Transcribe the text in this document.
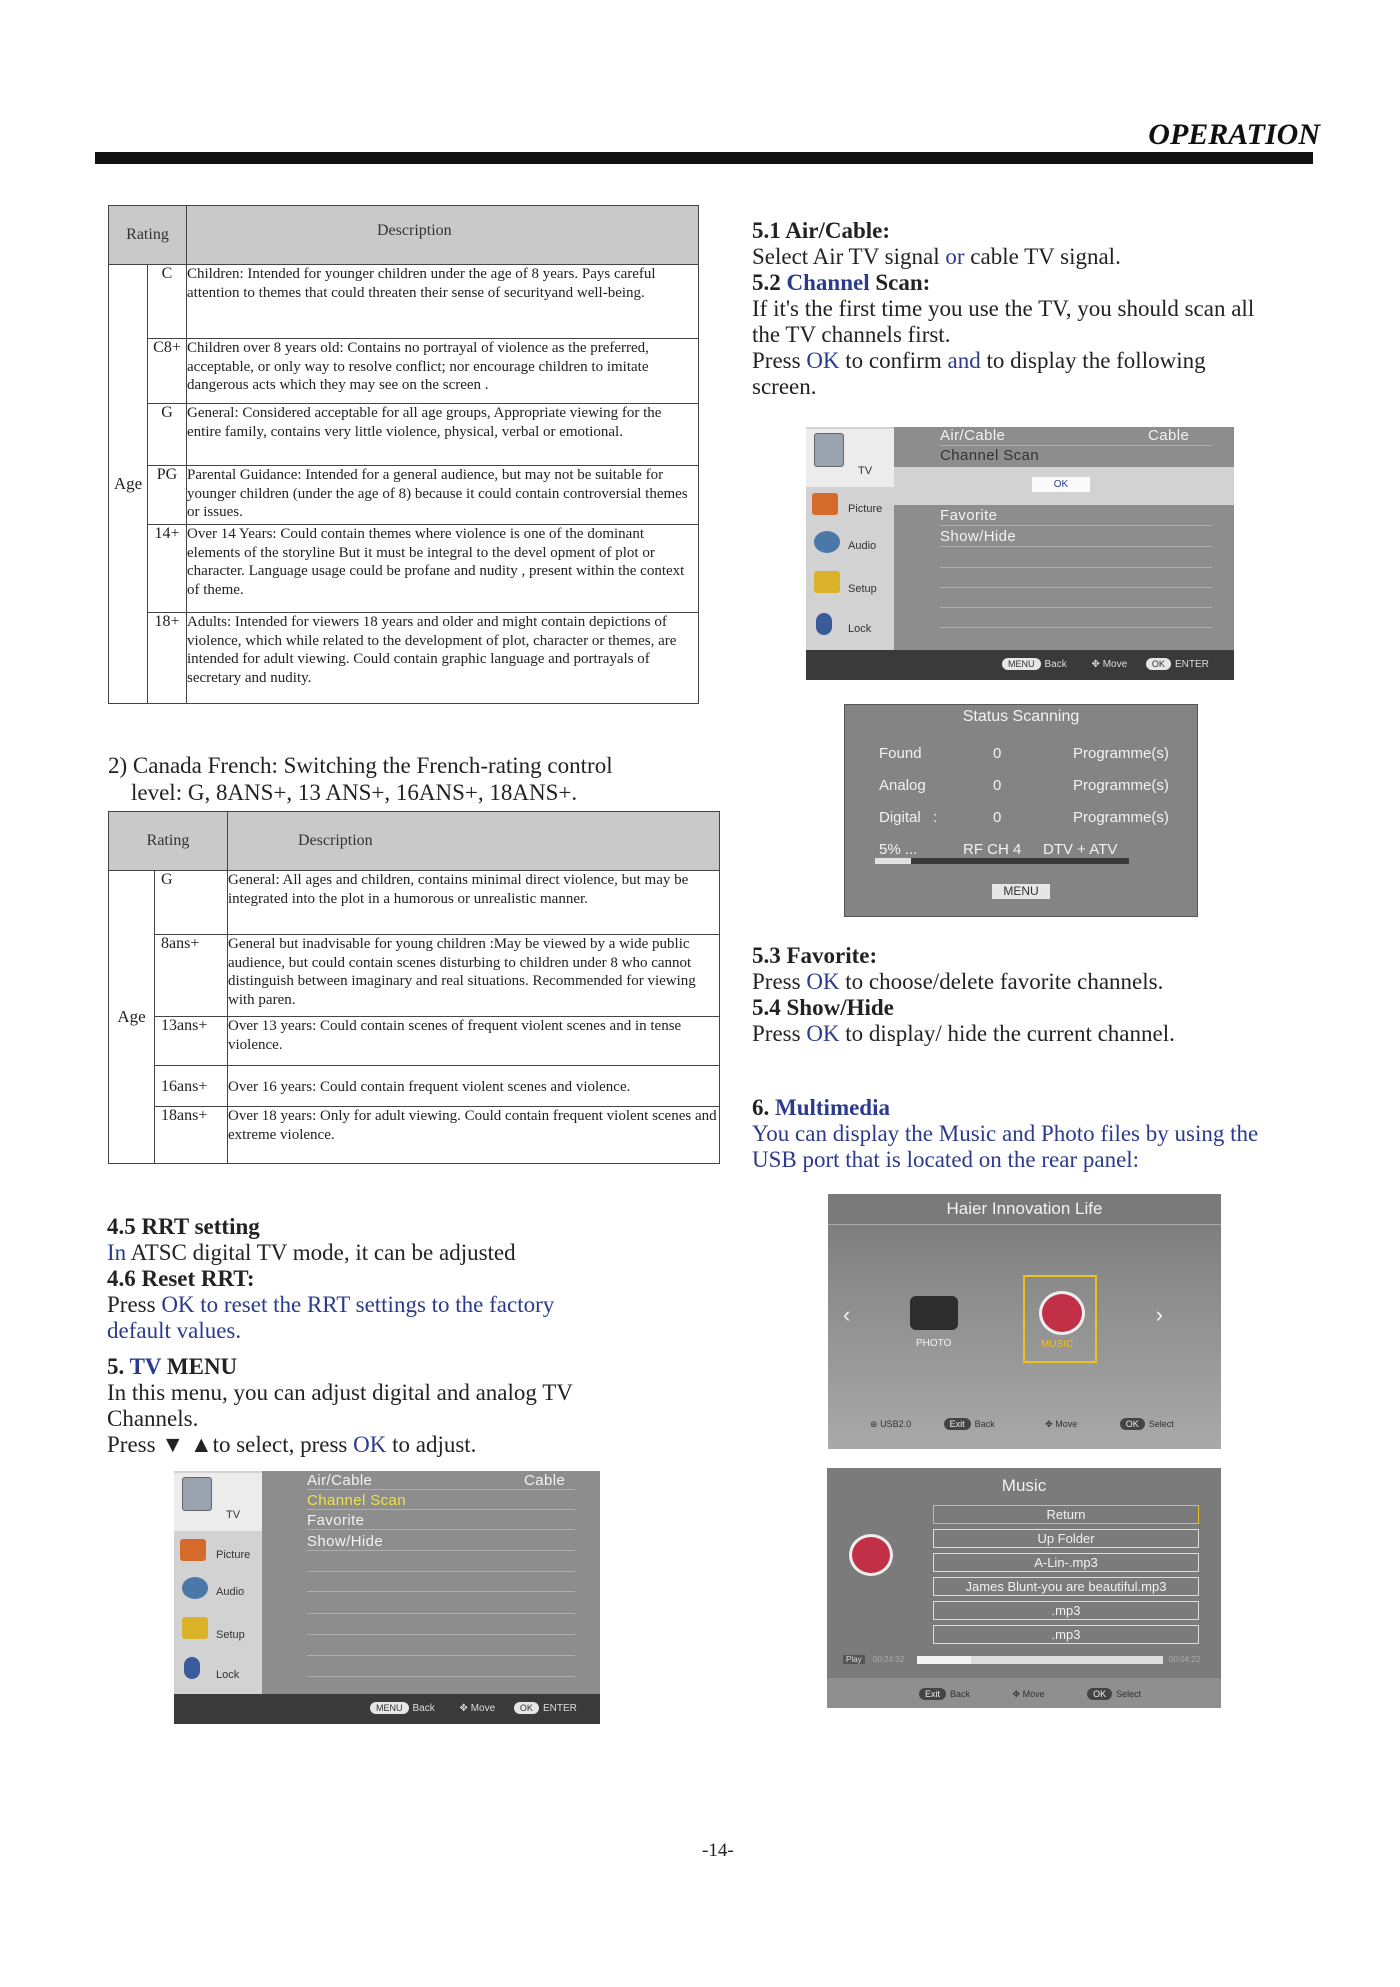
OPERATION
Rating		Description
Age	C	Children: Intended for younger children under the age of 8 years. Pays careful attention to themes that could threaten their sense of securityand well-being.
	C8+	Children over 8 years old: Contains no portrayal of violence as the preferred, acceptable, or only way to resolve conflict; nor encourage children to imitate dangerous acts which they may see on the screen .
	G	General: Considered acceptable for all age groups, Appropriate viewing for the entire family, contains very little violence, physical, verbal or emotional.
	PG	Parental Guidance: Intended for a general audience, but may not be suitable for younger children (under the age of 8) because it could contain controversial themes or issues.
	14+	Over 14 Years: Could contain themes where violence is one of the dominant elements of the storyline But it must be integral to the devel opment of plot or character. Language usage could be profane and nudity , present within the context of theme.
	18+	Adults: Intended for viewers 18 years and older and might contain depictions of violence, which while related to the development of plot, character or themes, are intended for adult viewing. Could contain graphic language and portrayals of secretary and nudity.
2) Canada French: Switching the French-rating control
level: G, 8ANS+, 13 ANS+, 16ANS+, 18ANS+.
Rating		Description
Age	G	General: All ages and children, contains minimal direct violence, but may be integrated into the plot in a humorous or unrealistic manner.
	8ans+	General but inadvisable for young children :May be viewed by a wide public audience, but could contain scenes disturbing to children under 8 who cannot distinguish between imaginary and real situations. Recommended for viewing with paren.
	13ans+	Over 13 years: Could contain scenes of frequent violent scenes and in tense violence.
	16ans+	Over 16 years: Could contain frequent violent scenes and violence.
	18ans+	Over 18 years: Only for adult viewing. Could contain frequent violent scenes and extreme violence.
4.5 RRT setting
In ATSC digital TV mode, it can be adjusted
4.6 Reset RRT:
Press OK to reset the RRT settings to the factory
default values.
5. TV MENU
In this menu, you can adjust digital and analog TV
Channels.
Press ▼ ▲to select, press OK to adjust.
TV
Picture
Audio
Setup
Lock
Air/Cable	Cable
Channel Scan
Favorite
Show/Hide
MENU Back ✥ Move	OK ENTER
5.1 Air/Cable:
Select Air TV signal or cable TV signal.
5.2 Channel Scan:
If it's the first time you use the TV, you should scan all
the TV channels first.
Press OK to confirm and to display the following
screen.
TV
Picture
Audio
Setup
Lock
Air/Cable	Cable
Channel Scan
OK
Favorite
Show/Hide
MENU Back ✥ Move	OK ENTER
Status Scanning
Found	0	Programme(s)
Analog	0	Programme(s)
Digital   :	0	Programme(s)
5% ...	RF CH 4 DTV + ATV
MENU
5.3 Favorite:
Press OK to choose/delete favorite channels.
5.4 Show/Hide
Press OK to display/ hide the current channel.
6. Multimedia
You can display the Music and Photo files by using the
USB port that is located on the rear panel:
Haier Innovation Life
‹	›
PHOTO	MUSIC
⊕ USB2.0	Exit Back	✥ Move	OK Select
Music
Return
Up Folder
A-Lin-.mp3
James Blunt-you are beautiful.mp3
.mp3
.mp3
Play	00:24:32	00:04:22
Exit Back	✥ Move	OK Select
-14-
